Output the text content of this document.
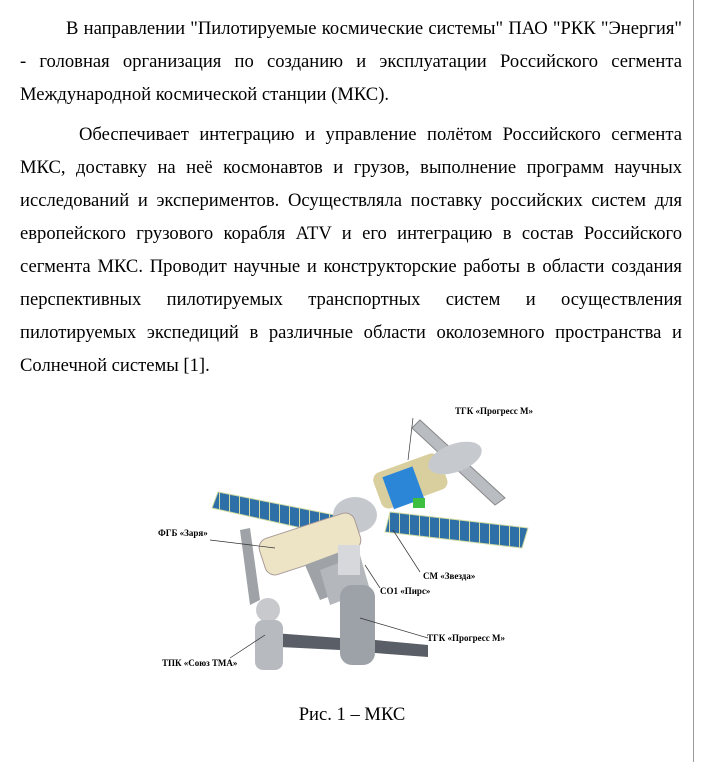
В направлении "Пилотируемые космические системы" ПАО "РКК "Энергия" - головная организация по созданию и эксплуатации Российского сегмента Международной космической станции (МКС).

Обеспечивает интеграцию и управление полётом Российского сегмента МКС, доставку на неё космонавтов и грузов, выполнение программ научных исследований и экспериментов. Осуществляла поставку российских систем для европейского грузового корабля ATV и его интеграцию в состав Российского сегмента МКС. Проводит научные и конструкторские работы в области создания перспективных пилотируемых транспортных систем и осуществления пилотируемых экспедиций в различные области околоземного пространства и Солнечной системы [1].

ТГК «Прогресс М»
ФГБ «Заря»
СМ «Звезда»
СО1 «Пирс»
ТГК «Прогресс М»
ТПК «Союз ТМА»
Рис. 1 – МКС
